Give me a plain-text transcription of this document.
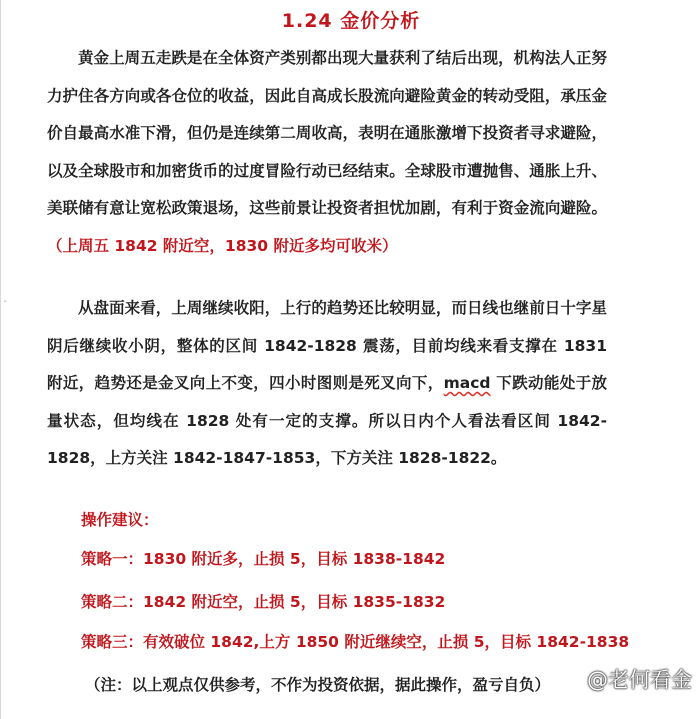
ˇ
1.24 金价分析

黄金上周五走跌是在全体资产类别都出现大量获利了结后出现，机构法人正努力护住各方向或各仓位的收益，因此自高成长股流向避险黄金的转动受阻，承压金价自最高水准下滑，但仍是连续第二周收高，表明在通胀激增下投资者寻求避险，以及全球股市和加密货币的过度冒险行动已经结束。全球股市遭抛售、通胀上升、美联储有意让宽松政策退场，这些前景让投资者担忧加剧，有利于资金流向避险。（上周五 1842 附近空，1830 附近多均可收米）

从盘面来看，上周继续收阳，上行的趋势还比较明显，而日线也继前日十字星阴后继续收小阴，整体的区间 1842-1828 震荡，目前均线来看支撑在 1831 附近，趋势还是金叉向上不变，四小时图则是死叉向下，macd 下跌动能处于放量状态，但均线在 1828 处有一定的支撑。所以日内个人看法看区间 1842-1828，上方关注 1842-1847-1853，下方关注 1828-1822。

操作建议：
策略一：1830 附近多，止损 5，目标 1838-1842
策略二：1842 附近空，止损 5，目标 1835-1832
策略三：有效破位 1842,上方 1850 附近继续空，止损 5，目标 1842-1838
（注：以上观点仅供参考，不作为投资依据，据此操作，盈亏自负） @老何看金
